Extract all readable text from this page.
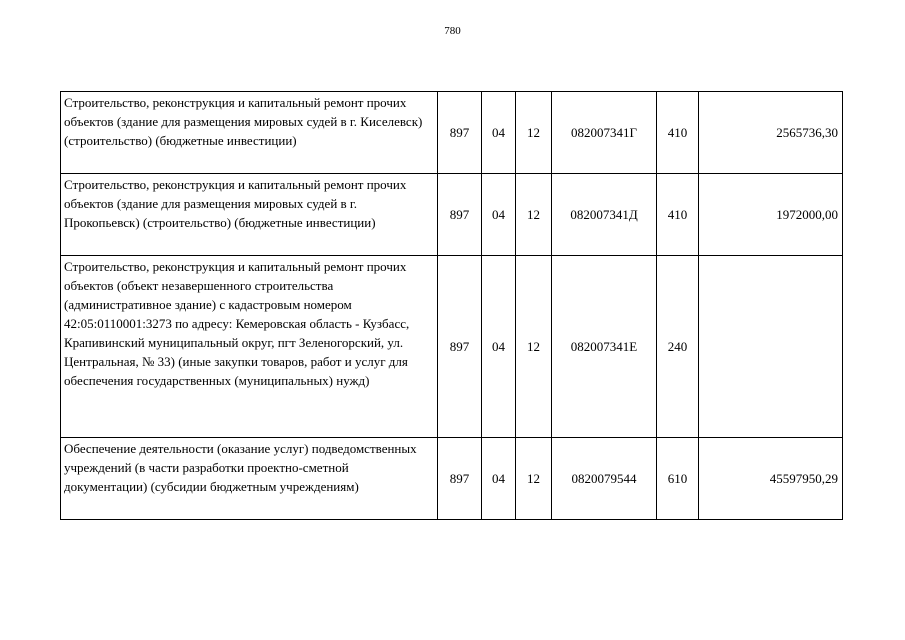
780
Строительство, реконструкция и капитальный ремонт прочих объектов (здание для размещения мировых судей в г. Киселевск) (строительство) (бюджетные инвестиции)	897	04	12	082007341Г	410	2565736,30
Строительство, реконструкция и капитальный ремонт прочих объектов (здание для размещения мировых судей в г. Прокопьевск) (строительство) (бюджетные инвестиции)	897	04	12	082007341Д	410	1972000,00
Строительство, реконструкция и капитальный ремонт прочих объектов (объект незавершенного строительства (административное здание) с кадастровым номером 42:05:0110001:3273 по адресу: Кемеровская область - Кузбасс, Крапивинский муниципальный округ, пгт Зеленогорский, ул. Центральная, № 33) (иные закупки товаров, работ и услуг для обеспечения государственных (муниципальных) нужд)	897	04	12	082007341Е	240	
Обеспечение деятельности (оказание услуг) подведомственных учреждений (в части разработки проектно-сметной документации) (субсидии бюджетным учреждениям)	897	04	12	0820079544	610	45597950,29
